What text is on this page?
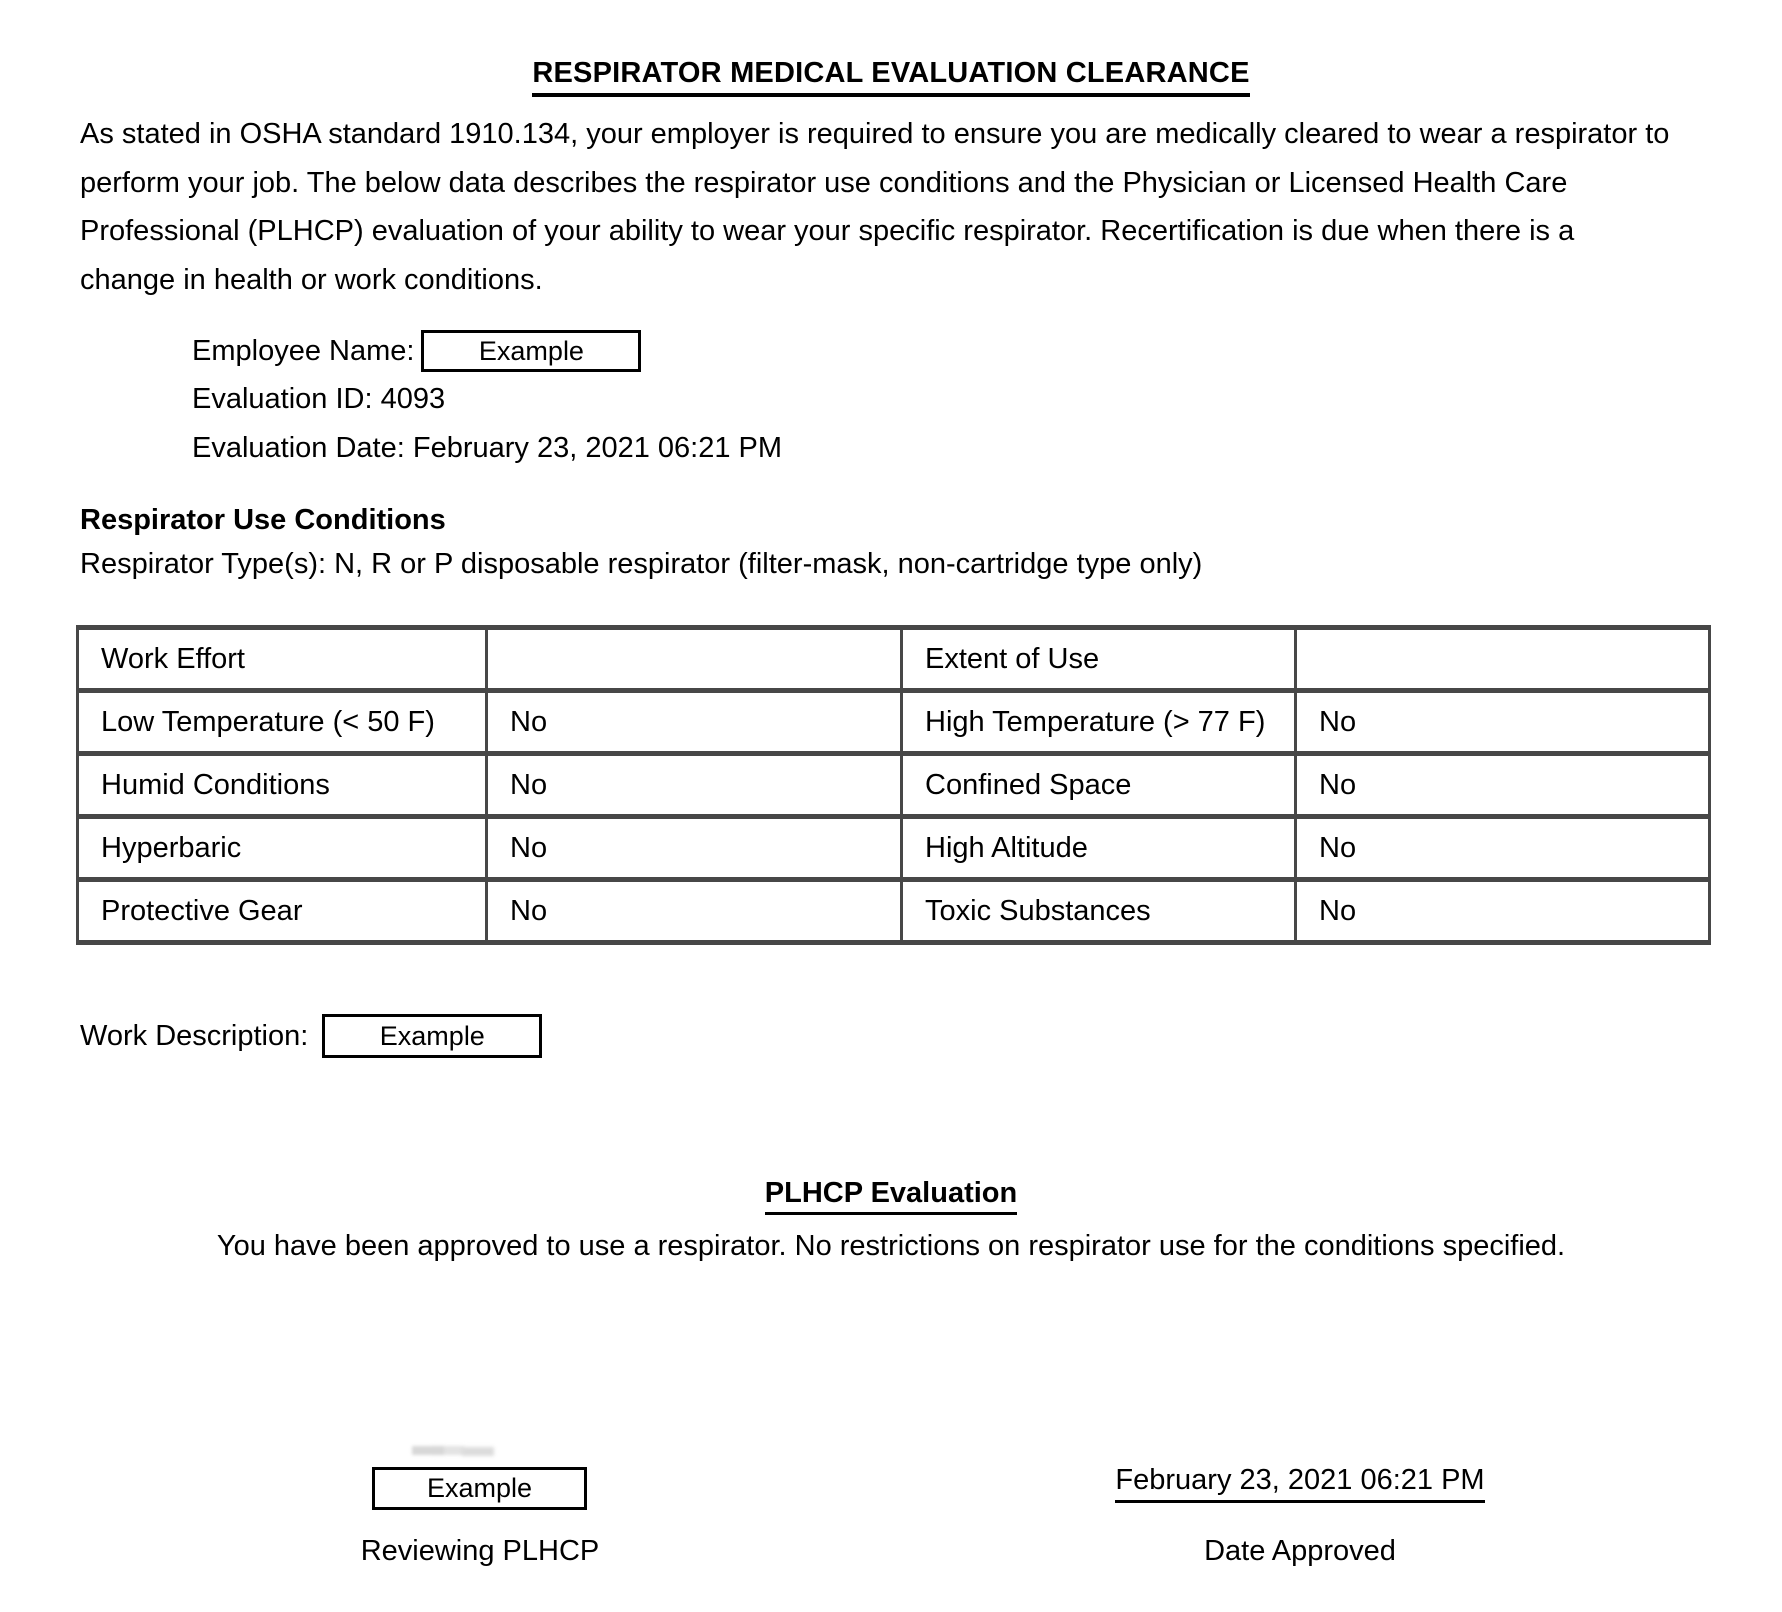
RESPIRATOR MEDICAL EVALUATION CLEARANCE
As stated in OSHA standard 1910.134, your employer is required to ensure you are medically cleared to wear a respirator to
perform your job. The below data describes the respirator use conditions and the Physician or Licensed Health Care
Professional (PLHCP) evaluation of your ability to wear your specific respirator. Recertification is due when there is a
change in health or work conditions.
Employee Name:	Example
Evaluation ID:
4093
Evaluation Date:
February 23, 2021 06:21 PM
Respirator Use Conditions
Respirator Type(s): N, R or P disposable respirator (filter-mask, non-cartridge type only)
Work Effort		Extent of Use	
Low Temperature (< 50 F)	No	High Temperature (> 77 F)	No
Humid Conditions	No	Confined Space	No
Hyperbaric	No	High Altitude	No
Protective Gear	No	Toxic Substances	No
Work Description:	Example
PLHCP Evaluation
You have been approved to use a respirator. No restrictions on respirator use for the conditions specified.
Example
Reviewing PLHCP
February 23, 2021 06:21 PM
Date Approved
